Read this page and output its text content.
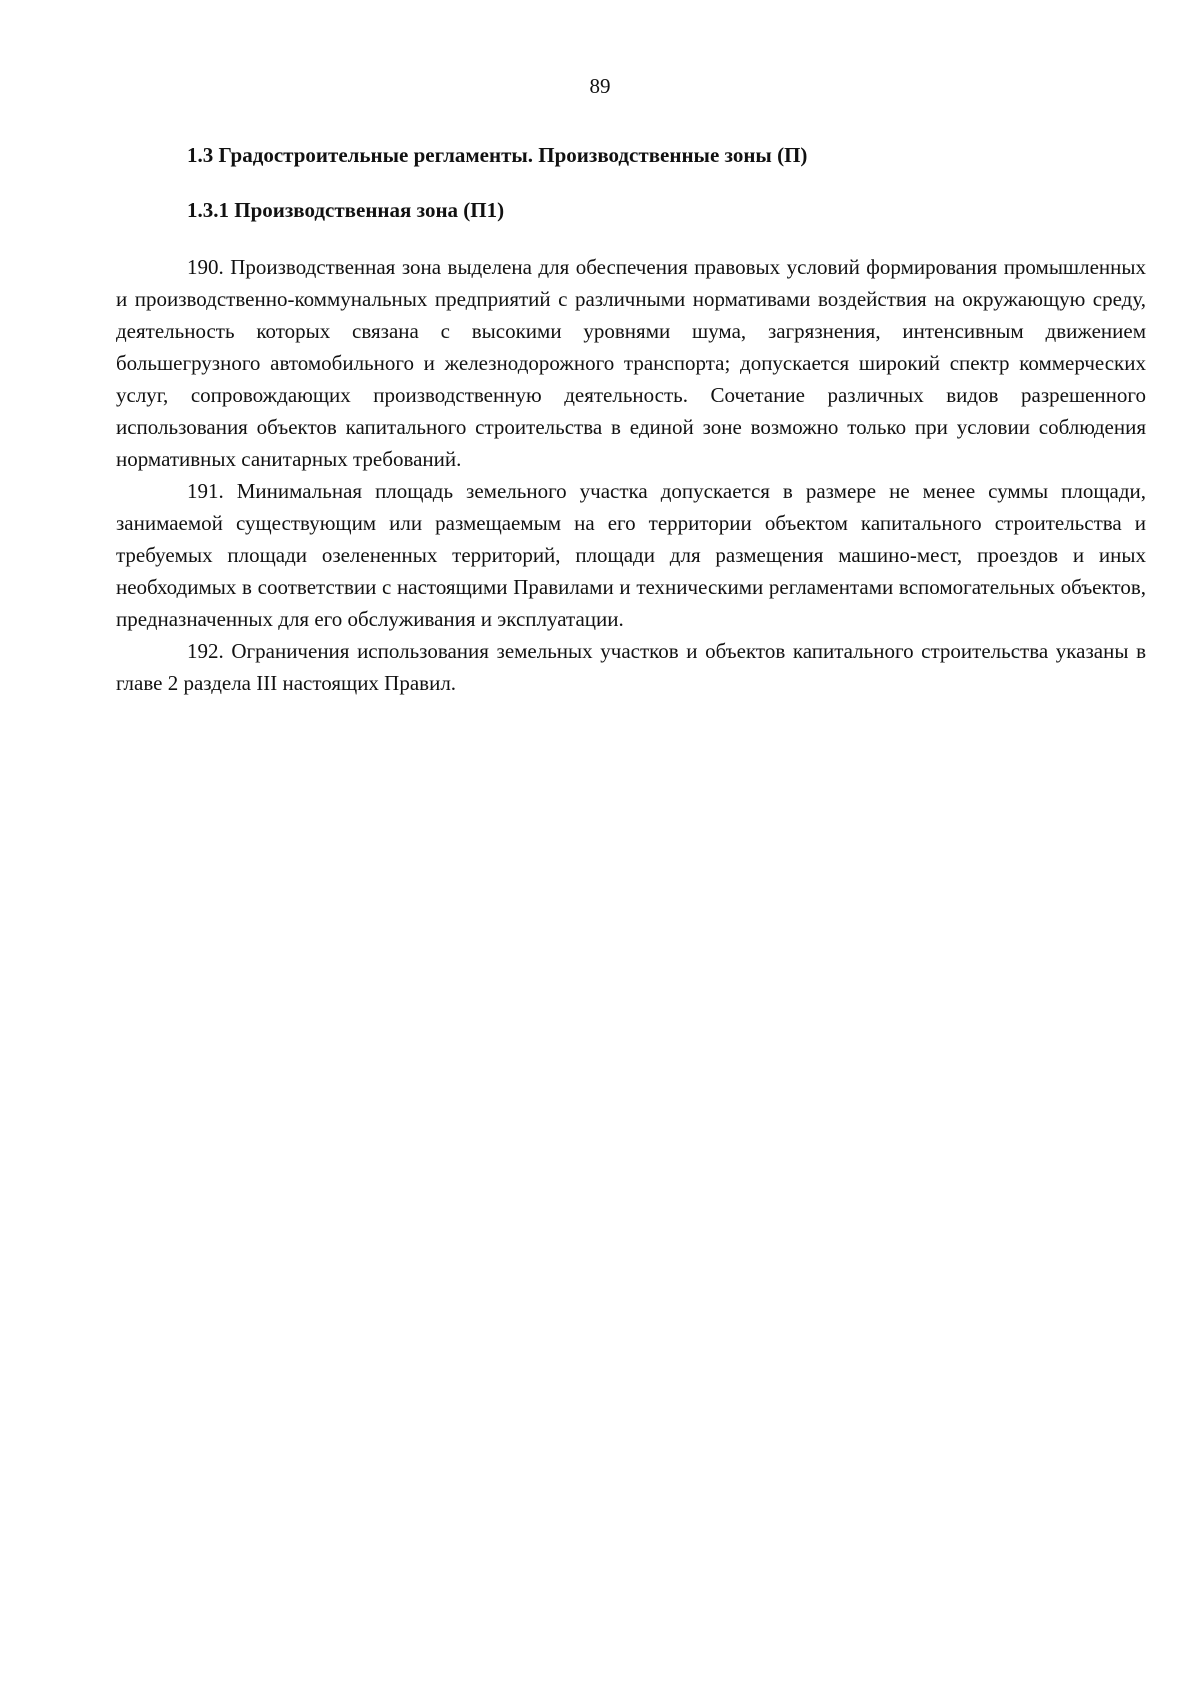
89
1.3 Градостроительные регламенты. Производственные зоны (П)
1.3.1 Производственная зона (П1)

190. Производственная зона выделена для обеспечения правовых условий формирования промышленных и производственно-коммунальных предприятий с различными нормативами воздействия на окружающую среду, деятельность которых связана с высокими уровнями шума, загрязнения, интенсивным движением большегрузного автомобильного и железнодорожного транспорта; допускается широкий спектр коммерческих услуг, сопровождающих производственную деятельность. Сочетание различных видов разрешенного использования объектов капитального строительства в единой зоне возможно только при условии соблюдения нормативных санитарных требований.

191. Минимальная площадь земельного участка допускается в размере не менее суммы площади, занимаемой существующим или размещаемым на его территории объектом капитального строительства и требуемых площади озелененных территорий, площади для размещения машино-мест, проездов и иных необходимых в соответствии с настоящими Правилами и техническими регламентами вспомогательных объектов, предназначенных для его обслуживания и эксплуатации.

192. Ограничения использования земельных участков и объектов капитального строительства указаны в главе 2 раздела III настоящих Правил.
